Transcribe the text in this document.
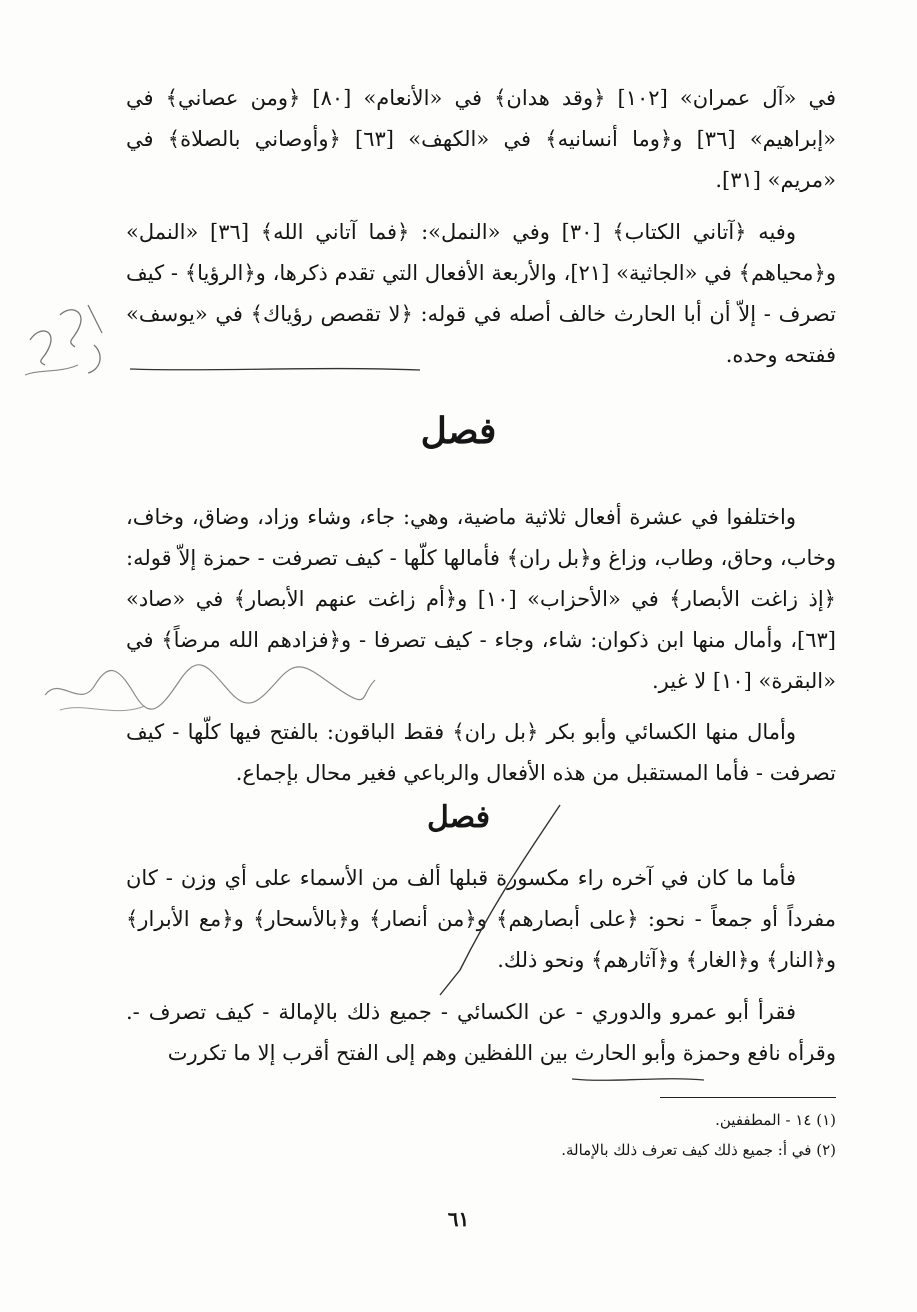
في «آل عمران» [١٠٢] ﴿وقد هدان﴾ في «الأنعام» [٨٠] ﴿ومن عصاني﴾ في «إبراهيم» [٣٦] و﴿وما أنسانيه﴾ في «الكهف» [٦٣] ﴿وأوصاني بالصلاة﴾ في «مريم» [٣١].

وفيه ﴿آتاني الكتاب﴾ [٣٠] وفي «النمل»: ﴿فما آتاني الله﴾ [٣٦] «النمل» و﴿محياهم﴾ في «الجاثية» [٢١]، والأربعة الأفعال التي تقدم ذكرها، و﴿الرؤيا﴾ - كيف تصرف - إلاّ أن أبا الحارث خالف أصله في قوله: ﴿لا تقصص رؤياك﴾ في «يوسف» ففتحه وحده.

فصل

واختلفوا في عشرة أفعال ثلاثية ماضية، وهي: جاء، وشاء وزاد، وضاق، وخاف، وخاب، وحاق، وطاب، وزاغ و﴿بل ران﴾ فأمالها كلّها - كيف تصرفت - حمزة إلاّ قوله: ﴿إذ زاغت الأبصار﴾ في «الأحزاب» [١٠] و﴿أم زاغت عنهم الأبصار﴾ في «صاد» [٦٣]، وأمال منها ابن ذكوان: شاء، وجاء - كيف تصرفا - و﴿فزادهم الله مرضاً﴾ في «البقرة» [١٠] لا غير.

وأمال منها الكسائي وأبو بكر ﴿بل ران﴾ فقط الباقون: بالفتح فيها كلّها - كيف تصرفت - فأما المستقبل من هذه الأفعال والرباعي فغير محال بإجماع.

فصل

فأما ما كان في آخره راء مكسورة قبلها ألف من الأسماء على أي وزن - كان مفرداً أو جمعاً - نحو: ﴿على أبصارهم﴾ و﴿من أنصار﴾ و﴿بالأسحار﴾ و﴿مع الأبرار﴾ و﴿النار﴾ و﴿الغار﴾ و﴿آثارهم﴾ ونحو ذلك.

فقرأ أبو عمرو والدوري - عن الكسائي - جميع ذلك بالإمالة - كيف تصرف -. وقرأه نافع وحمزة وأبو الحارث بين اللفظين وهم إلى الفتح أقرب إلا ما تكررت

(١) ١٤ - المطففين.
(٢) في أ: جميع ذلك كيف تعرف ذلك بالإمالة.
٦١
